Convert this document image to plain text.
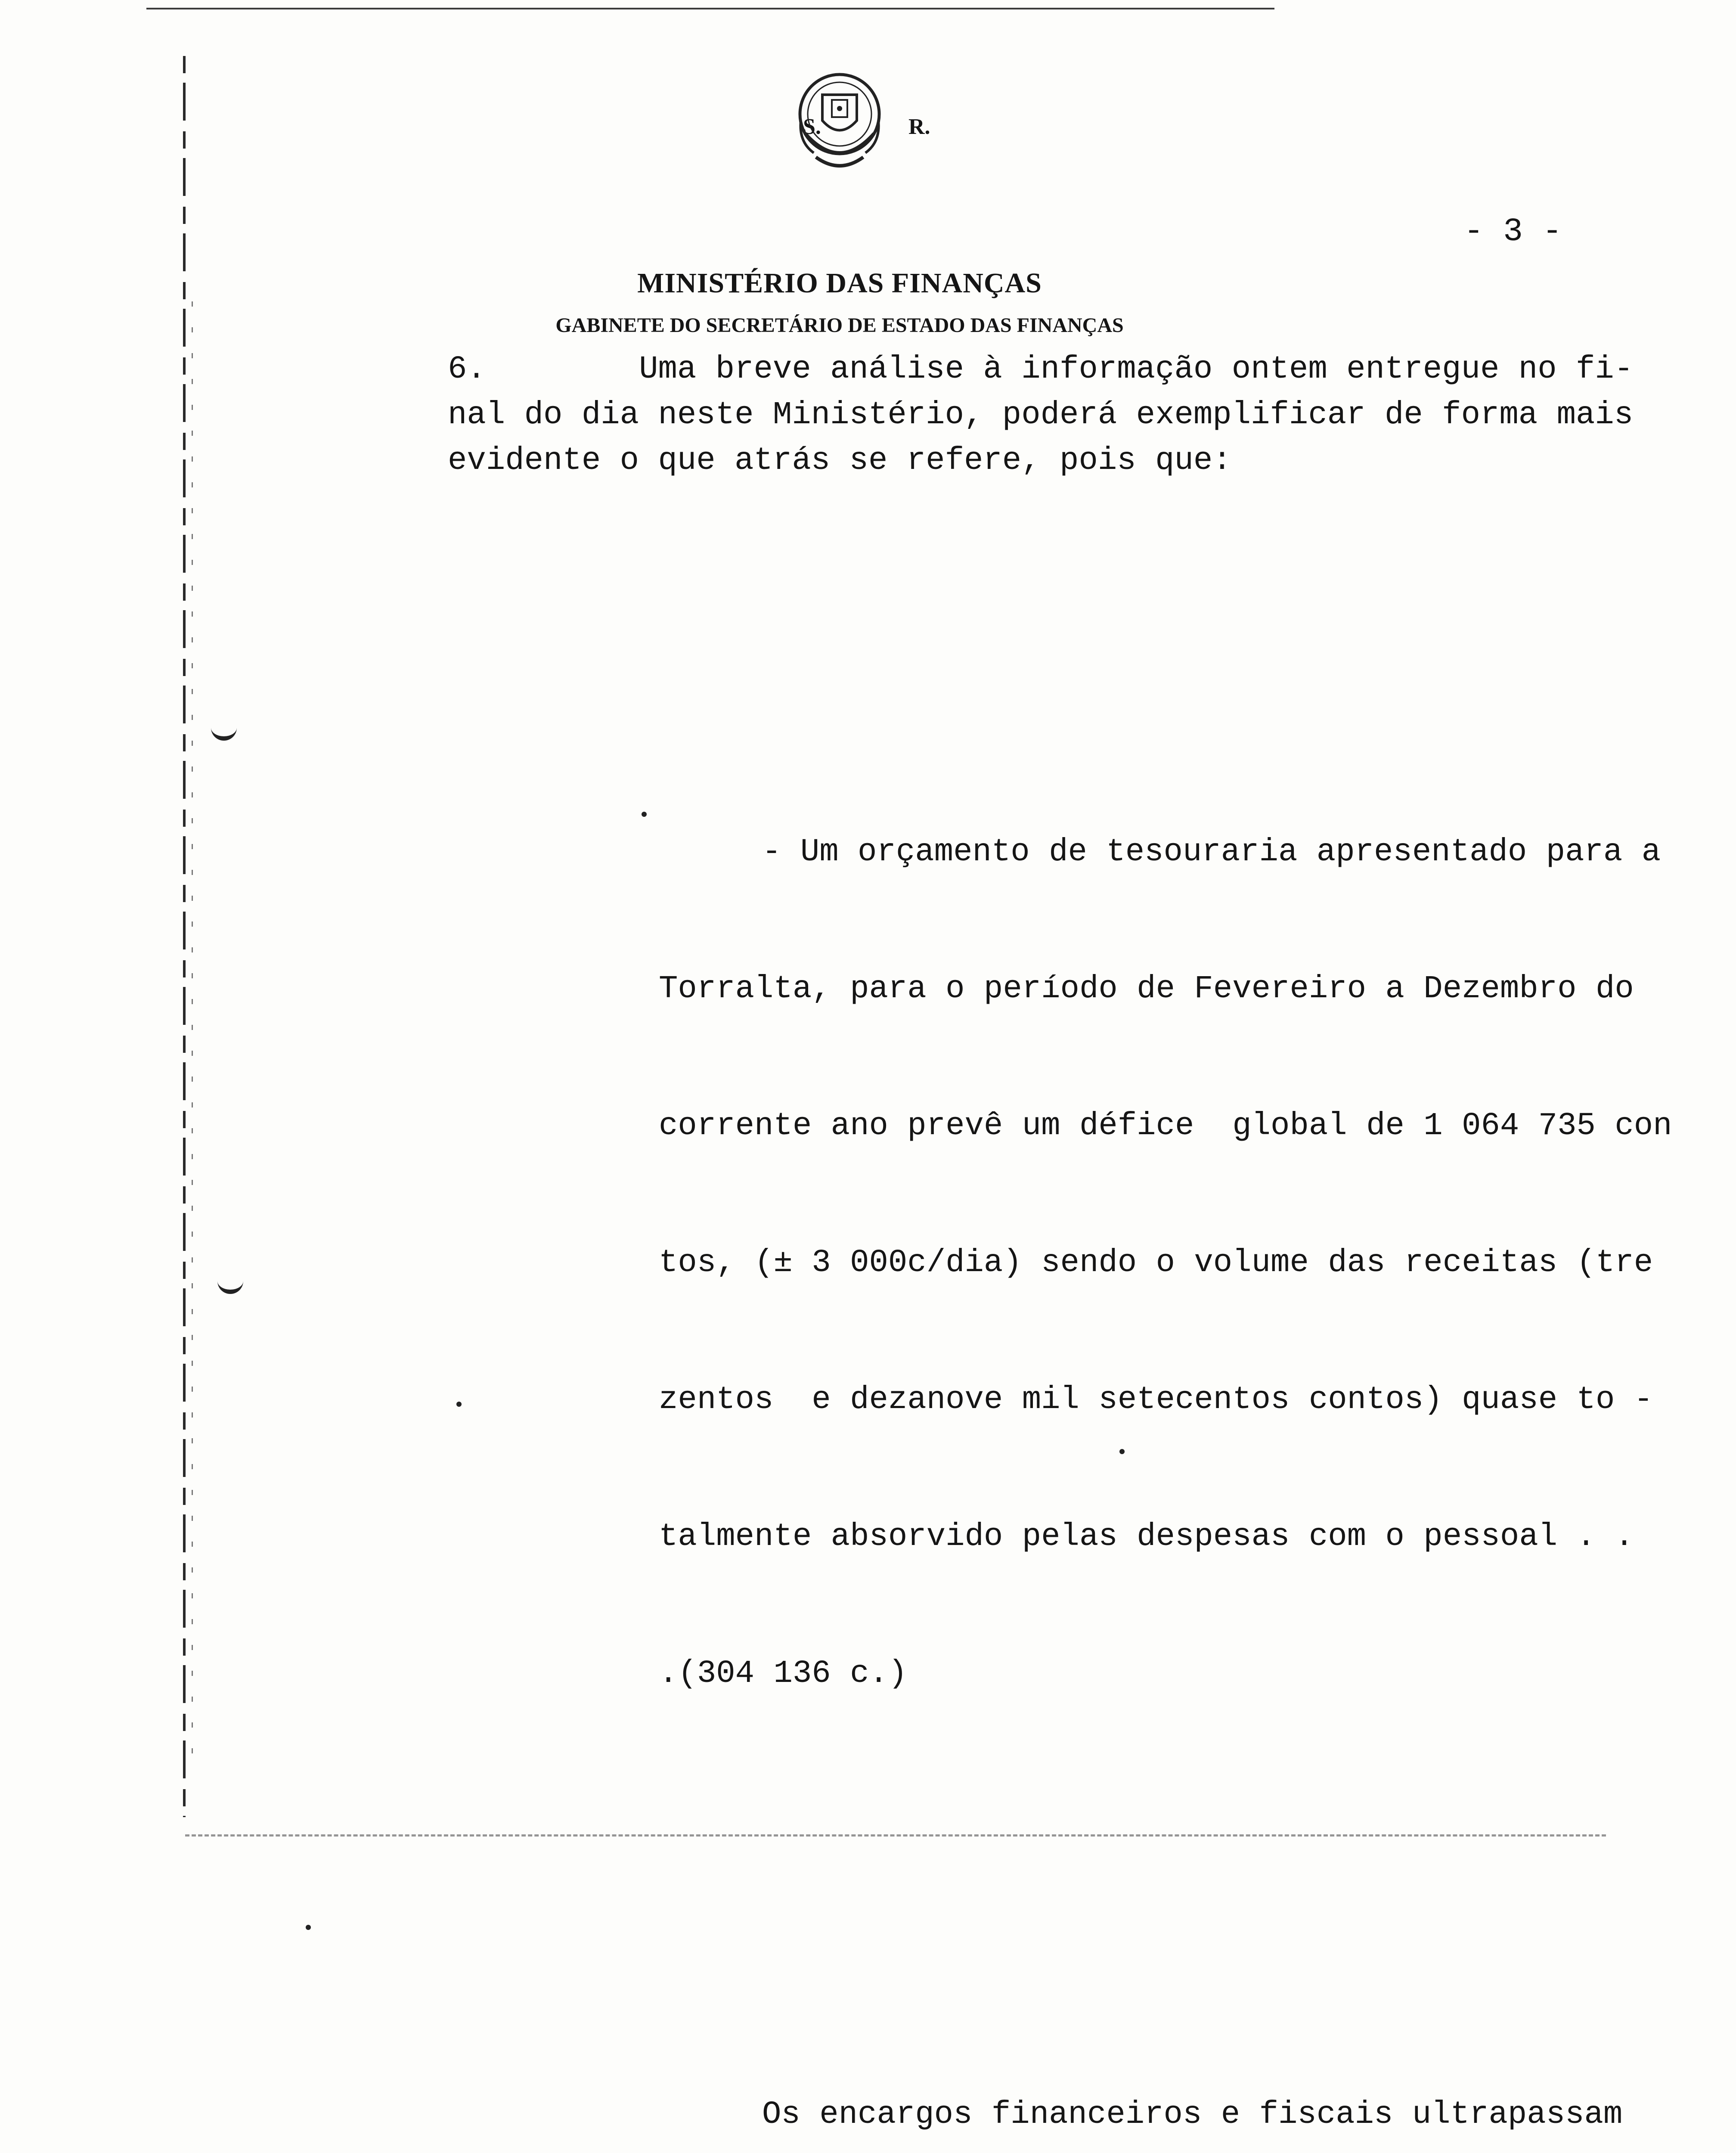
S.	R.
MINISTÉRIO DAS FINANÇAS
GABINETE DO SECRETÁRIO DE ESTADO DAS FINANÇAS
- 3 -
6.        Uma breve análise à informação ontem entregue no fi-
nal do dia neste Ministério, poderá exemplificar de forma mais
evidente o que atrás se refere, pois que:

- Um orçamento de tesouraria apresentado para a

Torralta, para o período de Fevereiro a Dezembro do

corrente ano prevê um défice  global de 1 064 735 con

tos, (± 3 000c/dia) sendo o volume das receitas (tre

zentos  e dezanove mil setecentos contos) quase to -

talmente absorvido pelas despesas com o pessoal . .

.(304 136 c.)

Os encargos financeiros e fiscais ultrapassam
